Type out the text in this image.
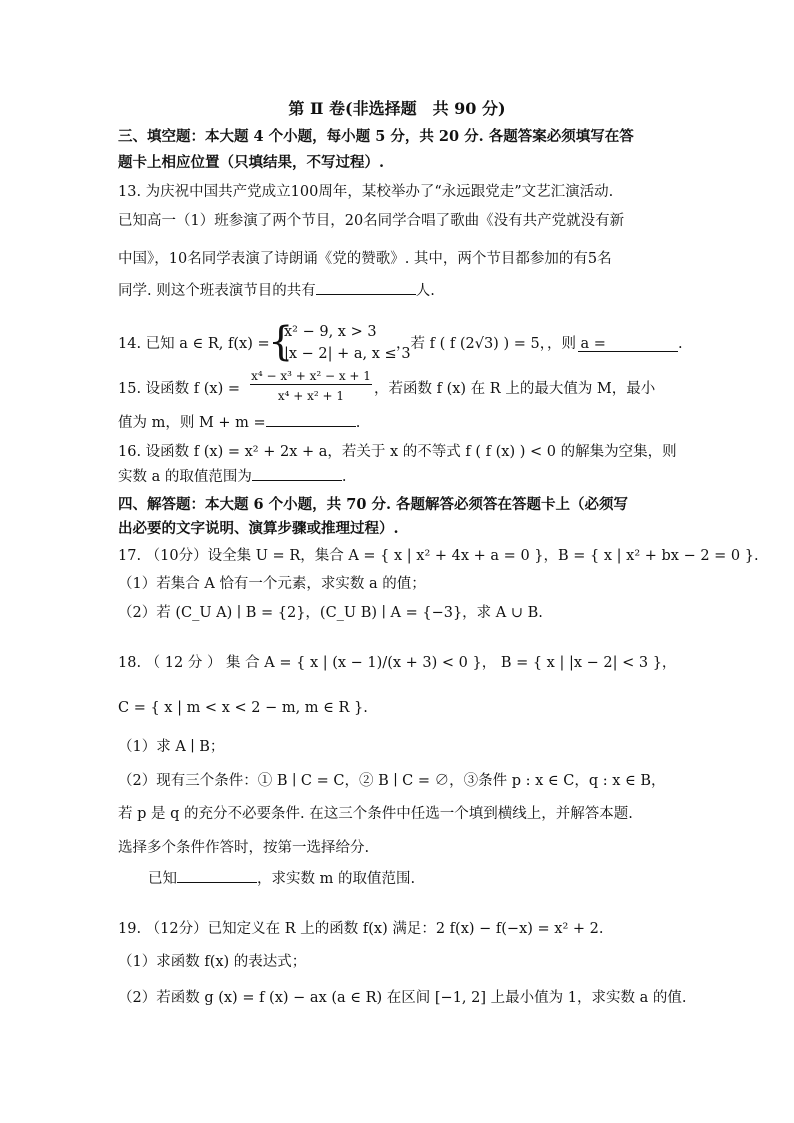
第 Ⅱ 卷(非选择题　共 90 分)
三、填空题：本大题 4 个小题，每小题 5 分，共 20 分. 各题答案必须填写在答
题卡上相应位置（只填结果，不写过程）.
13. 为庆祝中国共产党成立100周年，某校举办了“永远跟党走”文艺汇演活动.
已知高一（1）班参演了两个节目，20名同学合唱了歌曲《没有共产党就没有新
中国》，10名同学表演了诗朗诵《党的赞歌》. 其中，两个节目都参加的有5名
同学. 则这个班表演节目的共有	人.
14. 已知 a ∈ R, f(x) =
{
x² − 9, x > 3
|x − 2| + a, x ≤ 3
，若 f ( f (2√3) ) = 5，，则 a =	.
15. 设函数 f (x) =
x⁴ − x³ + x² − x + 1
x⁴ + x² + 1	，若函数 f (x) 在 R 上的最大值为 M，最小
值为 m，则 M + m =	.
16. 设函数 f (x) = x² + 2x + a，若关于 x 的不等式 f ( f (x) ) < 0 的解集为空集，则
实数 a 的取值范围为	.
四、解答题：本大题 6 个小题，共 70 分. 各题解答必须答在答题卡上（必须写
出必要的文字说明、演算步骤或推理过程）.
17. （10分）设全集 U = R，集合 A = { x | x² + 4x + a = 0 }，B = { x | x² + bx − 2 = 0 }.
（1）若集合 A 恰有一个元素，求实数 a 的值；
（2）若 (C_U A) ∣ B = {2}，(C_U B) ∣ A = {−3}，求 A ∪ B.
18. （ 12 分 ） 集 合 A = { x | (x − 1)/(x + 3) < 0 }， B = { x | |x − 2| < 3 }，
C = { x | m < x < 2 − m, m ∈ R }.
（1）求 A ∣ B；
（2）现有三个条件：① B ∣ C = C，② B ∣ C = ∅，③条件 p : x ∈ C，q : x ∈ B，
若 p 是 q 的充分不必要条件. 在这三个条件中任选一个填到横线上，并解答本题.
选择多个条件作答时，按第一选择给分.
已知	，求实数 m 的取值范围.
19. （12分）已知定义在 R 上的函数 f(x) 满足：2 f(x) − f(−x) = x² + 2.
（1）求函数 f(x) 的表达式；
（2）若函数 g (x) = f (x) − ax (a ∈ R) 在区间 [−1, 2] 上最小值为 1，求实数 a 的值.
